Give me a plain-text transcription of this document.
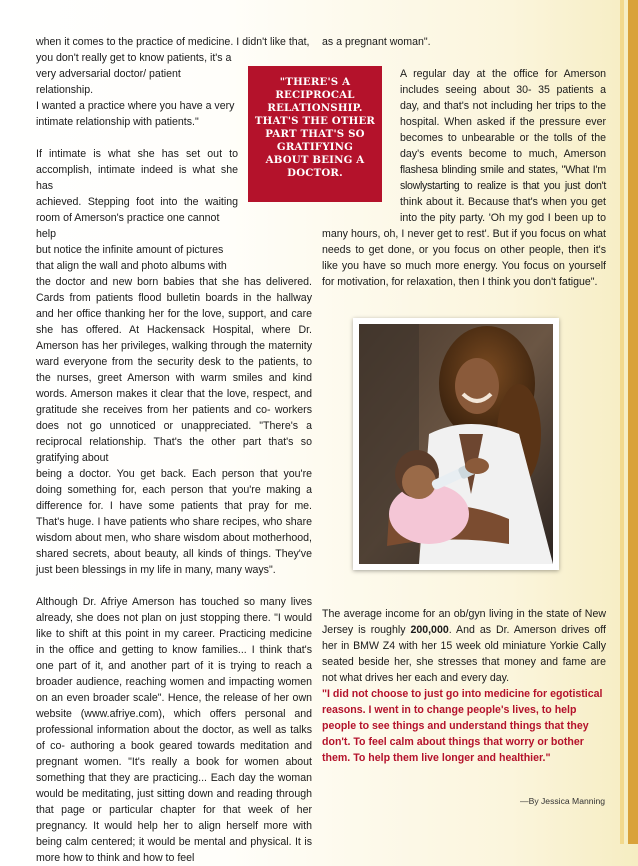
when it comes to the practice of medicine. I didn't like that,
you don't really get to know patients, it's a
very adversarial doctor/ patient relationship.
I wanted a practice where you have a very
intimate relationship with patients."
If intimate is what she has set out to
accomplish, intimate indeed is what she has
achieved. Stepping foot into the waiting
room of Amerson's practice one cannot help
but notice the infinite amount of pictures
that align the wall and photo albums with

the doctor and new born babies that she has delivered. Cards from patients flood bulletin boards in the hallway and her office thanking her for the love, support, and care she has offered. At Hackensack Hospital, where Dr. Amerson has her privileges, walking through the maternity ward everyone from the security desk to the patients, to the nurses, greet Amerson with warm smiles and kind words. Amerson makes it clear that the love, respect, and gratitude she receives from her patients and co- workers does not go unnoticed or unappreciated. "There's a reciprocal relationship. That's the other part that's so gratifying about

being a doctor. You get back. Each person that you're doing something for, each person that you're making a difference for. I have some patients that pray for me. That's huge. I have patients who share recipes, who share wisdom about men, who share wisdom about motherhood, shared secrets, about beauty, all kinds of things. They've just been blessings in my life in many, many ways".

Although Dr. Afriye Amerson has touched so many lives already, she does not plan on just stopping there. "I would like to shift at this point in my career. Practicing medicine in the office and getting to know families... I think that's one part of it, and another part of it is trying to reach a broader audience, reaching women and impacting women on an even broader scale". Hence, the release of her own website (www.afriye.com), which offers personal and professional information about the doctor, as well as talks of co- authoring a book geared towards meditation and pregnant women. "It's really a book for women about something that they are practicing... Each day the woman would be meditating, just sitting down and reading through that page or particular chapter for that week of her pregnancy. It would help her to align herself more with being calm centered; it would be mental and physical. It is more how to think and how to feel

"THERE'S A RECIPROCAL RELATIONSHIP. THAT'S THE OTHER PART THAT'S SO GRATIFYING ABOUT BEING A DOCTOR.
as a pregnant woman".
A regular day at the office for Amerson
includes seeing about 30- 35 patients a
day, and that's not including her trips to the
hospital. When asked if the pressure ever
becomes to unbearable or the tolls of the
day's events become to much, Amerson
flashesa blinding smile and states, "What I'm
slowlystarting to realize is that you just don't
think about it. Because that's when you get
into the pity party. 'Oh my god I been up to

many hours, oh, I never get to rest'. But if you focus on what needs to get done, or you focus on other people, then it's like you have so much more energy. You focus on yourself for motivation, for relaxation, then I think you don't fatigue".

The average income for an ob/gyn living in the state of New Jersey is roughly 200,000. And as Dr. Amerson drives off her in BMW Z4 with her 15 week old miniature Yorkie Cally seated beside her, she stresses that money and fame are not what drives her each and every day.

"I did not choose to just go into medicine for egotistical reasons. I went in to change people's lives, to help people to see things and understand things that they don't. To feel calm about things that worry or bother them. To help them live longer and healthier."

—By Jessica Manning
